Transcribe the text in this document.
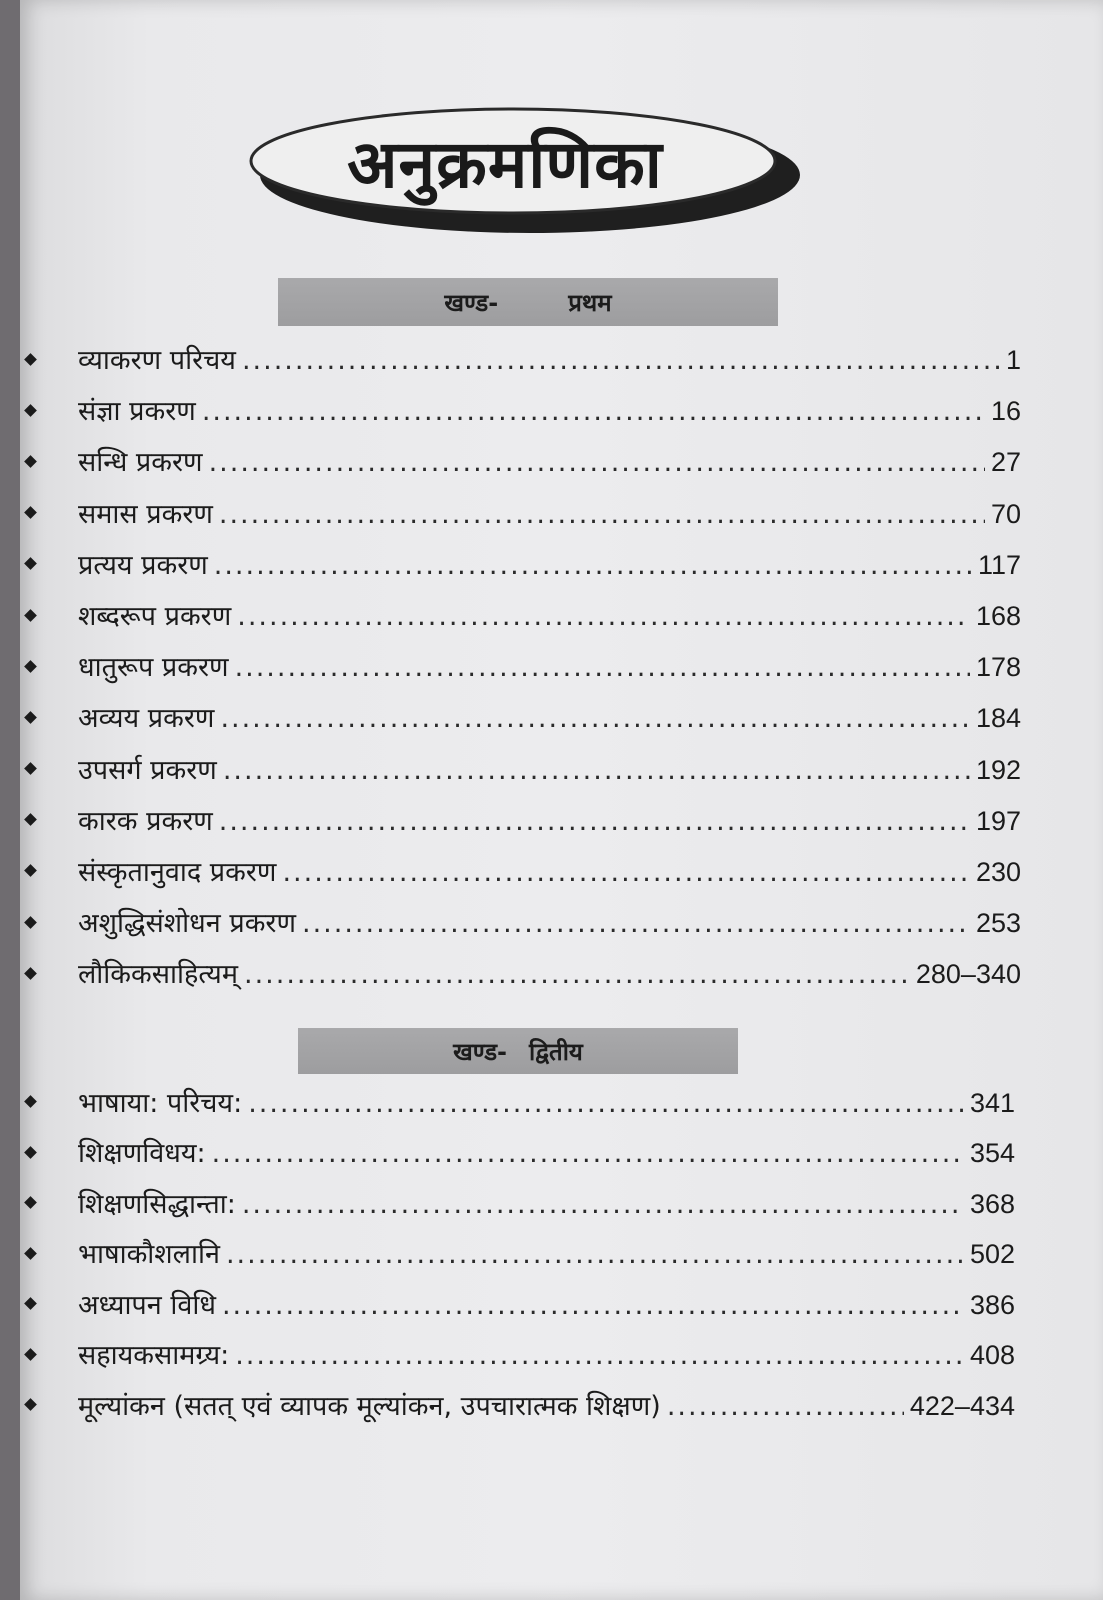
अनुक्रमणिका
खण्ड-	प्रथम
व्याकरण परिचय .....	1
संज्ञा प्रकरण .....	16
सन्धि प्रकरण .....	27
समास प्रकरण .....	70
प्रत्यय प्रकरण .....	117
शब्दरूप प्रकरण .....	168
धातुरूप प्रकरण .....	178
अव्यय प्रकरण .....	184
उपसर्ग प्रकरण .....	192
कारक प्रकरण .....	197
संस्कृतानुवाद प्रकरण .....	230
अशुद्धिसंशोधन प्रकरण .....	253
लौकिकसाहित्यम् .....	280–340
खण्ड- द्वितीय
भाषाया: परिचय: .....	341
शिक्षणविधय: .....	354
शिक्षणसिद्धान्ता: .....	368
भाषाकौशलानि .....	502
अध्यापन विधि .....	386
सहायकसामग्र्य: .....	408
मूल्यांकन (सतत् एवं व्यापक मूल्यांकन, उपचारात्मक शिक्षण) .....	422–434
